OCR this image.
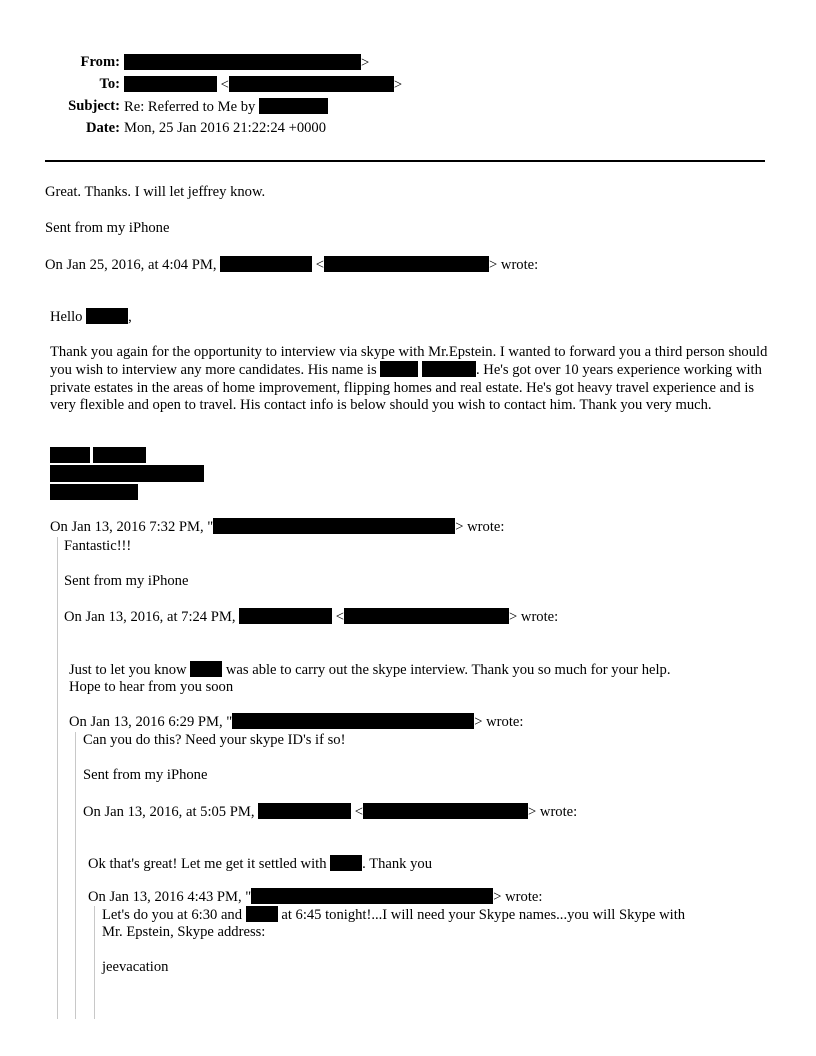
From:	>
To:	<	>
Subject: Re: Referred to Me by
Date: Mon, 25 Jan 2016 21:22:24 +0000
Great. Thanks. I will let jeffrey know.
Sent from my iPhone
On Jan 25, 2016, at 4:04 PM,	<	> wrote:
Hello	,
Thank you again for the opportunity to interview via skype with Mr.Epstein. I wanted to forward you a third person should you wish to interview any more candidates. His name is	. He's got over 10 years experience working with private estates in the areas of home improvement, flipping homes and real estate. He's got heavy travel experience and is very flexible and open to travel. His contact info is below should you wish to contact him. Thank you very much.
On Jan 13, 2016 7:32 PM, "	> wrote:
Fantastic!!!
Sent from my iPhone
On Jan 13, 2016, at 7:24 PM,	<	> wrote:
Just to let you know	was able to carry out the skype interview. Thank you so much for your help.
Hope to hear from you soon
On Jan 13, 2016 6:29 PM, "	> wrote:
Can you do this? Need your skype ID's if so!
Sent from my iPhone
On Jan 13, 2016, at 5:05 PM,	<	> wrote:
Ok that's great! Let me get it settled with . Thank you
On Jan 13, 2016 4:43 PM, "	> wrote:
Let's do you at 6:30 and	at 6:45 tonight!...I will need your Skype names...you will Skype with
Mr. Epstein, Skype address:
jeevacation
